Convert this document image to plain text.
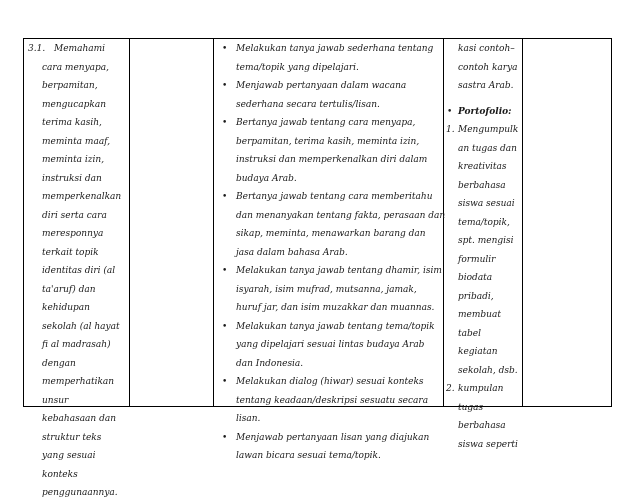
3.1. Memahami
cara menyapa,
berpamitan,
mengucapkan
terima kasih,
meminta maaf,
meminta izin,
instruksi dan
memperkenalkan
diri serta cara
meresponnya
terkait topik
identitas diri (al
ta'aruf) dan
kehidupan
sekolah (al hayat
fi al madrasah)
dengan
memperhatikan
unsur
kebahasaan dan
struktur teks
yang sesuai
konteks
penggunaannya.

• Melakukan tanya jawab sederhana tentang
tema/topik yang dipelajari.
• Menjawab pertanyaan dalam wacana
sederhana secara tertulis/lisan.
• Bertanya jawab tentang cara menyapa,
berpamitan, terima kasih, meminta izin,
instruksi dan memperkenalkan diri dalam
budaya Arab.
• Bertanya jawab tentang cara memberitahu
dan menanyakan tentang fakta, perasaan dan
sikap, meminta, menawarkan barang dan
jasa dalam bahasa Arab.
• Melakukan tanya jawab tentang dhamir, isim
isyarah, isim mufrad, mutsanna, jamak,
huruf jar, dan isim muzakkar dan muannas.
• Melakukan tanya jawab tentang tema/topik
yang dipelajari sesuai lintas budaya Arab
dan Indonesia.
• Melakukan dialog (hiwar) sesuai konteks
tentang keadaan/deskripsi sesuatu secara
lisan.
• Menjawab pertanyaan lisan yang diajukan
lawan bicara sesuai tema/topik.

kasi contoh–
contoh karya
sastra Arab.
• Portofolio:
1. Mengumpulk
an tugas dan
kreativitas
berbahasa
siswa sesuai
tema/topik,
spt. mengisi
formulir
biodata
pribadi,
membuat
tabel
kegiatan
sekolah, dsb.
2. kumpulan
tugas
berbahasa
siswa seperti
